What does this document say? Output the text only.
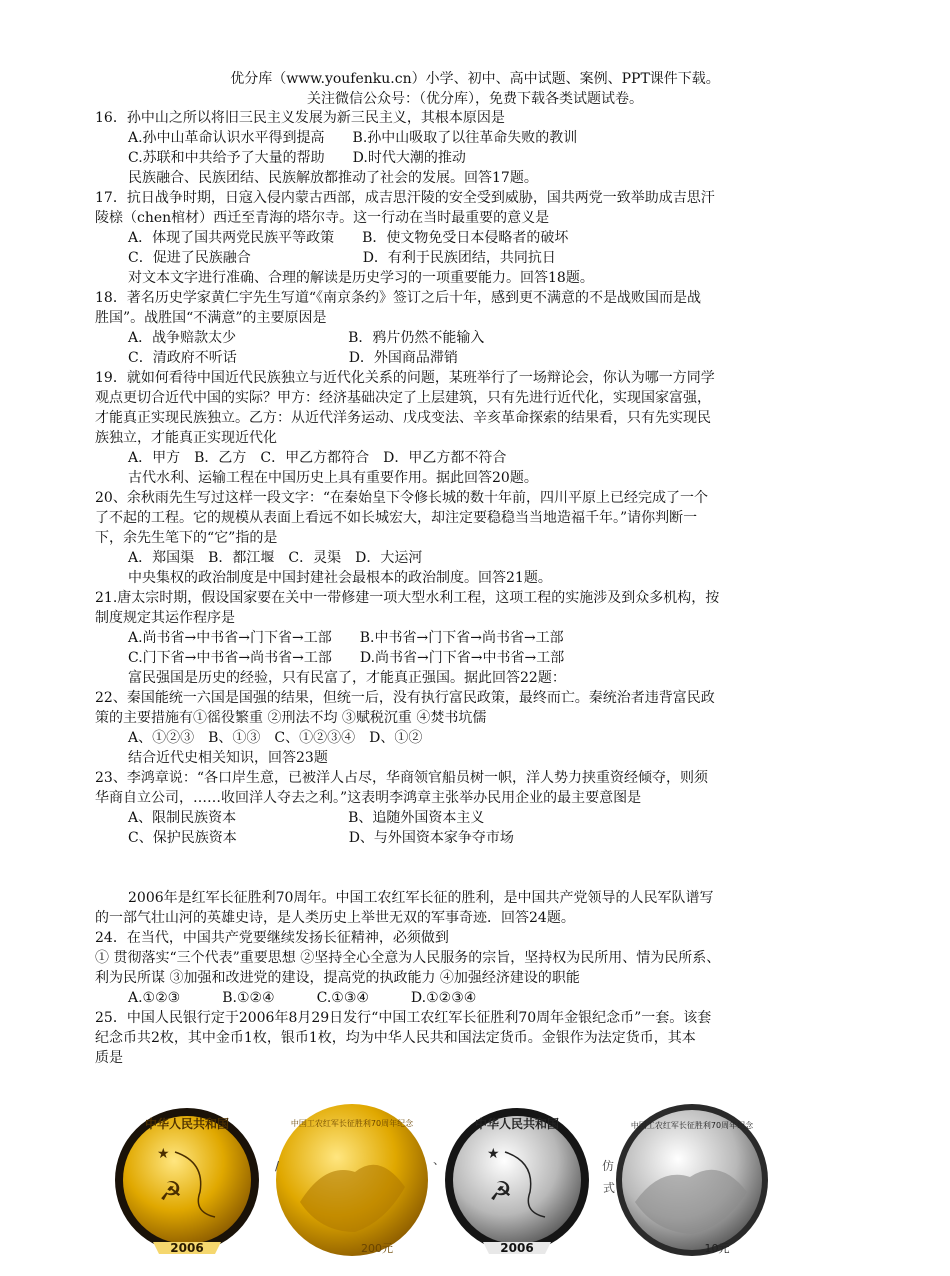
优分库（www.youfenku.cn）小学、初中、高中试题、案例、PPT课件下载。
关注微信公众号：（优分库），免费下载各类试题试卷。
16．孙中山之所以将旧三民主义发展为新三民主义，其根本原因是
A.孙中山革命认识水平得到提高　　B.孙中山吸取了以往革命失败的教训
C.苏联和中共给予了大量的帮助　　D.时代大潮的推动
民族融合、民族团结、民族解放都推动了社会的发展。回答17题。
17．抗日战争时期，日寇入侵内蒙古西部，成吉思汗陵的安全受到威胁，国共两党一致举助成吉思汗
陵榇（chen棺材）西迁至青海的塔尔寺。这一行动在当时最重要的意义是
A．体现了国共两党民族平等政策　　B．使文物免受日本侵略者的破坏
C．促进了民族融合　　　　　　　　D．有利于民族团结，共同抗日
对文本文字进行准确、合理的解读是历史学习的一项重要能力。回答18题。
18．著名历史学家黄仁宇先生写道“《南京条约》签订之后十年，感到更不满意的不是战败国而是战
胜国”。战胜国“不满意”的主要原因是
A．战争赔款太少　　　　　　　　B．鸦片仍然不能输入
C．清政府不听话　　　　　　　　D．外国商品滞销
19．就如何看待中国近代民族独立与近代化关系的问题，某班举行了一场辩论会，你认为哪一方同学
观点更切合近代中国的实际？甲方：经济基础决定了上层建筑，只有先进行近代化，实现国家富强，
才能真正实现民族独立。乙方：从近代洋务运动、戊戌变法、辛亥革命探索的结果看，只有先实现民
族独立，才能真正实现近代化
A．甲方　B．乙方　C．甲乙方都符合　D．甲乙方都不符合
古代水利、运输工程在中国历史上具有重要作用。据此回答20题。
20、余秋雨先生写过这样一段文字：“在秦始皇下令修长城的数十年前，四川平原上已经完成了一个
了不起的工程。它的规模从表面上看远不如长城宏大，却注定要稳稳当当地造福千年。”请你判断一
下，余先生笔下的“它”指的是
A．郑国渠　B．都江堰　C．灵渠　D．大运河
中央集权的政治制度是中国封建社会最根本的政治制度。回答21题。
21.唐太宗时期，假设国家要在关中一带修建一项大型水利工程，这项工程的实施涉及到众多机构，按
制度规定其运作程序是
A.尚书省→中书省→门下省→工部　　B.中书省→门下省→尚书省→工部
C.门下省→中书省→尚书省→工部　　D.尚书省→门下省→中书省→工部
富民强国是历史的经验，只有民富了，才能真正强国。据此回答22题：
22、秦国能统一六国是国强的结果，但统一后，没有执行富民政策，最终而亡。秦统治者违背富民政
策的主要措施有①徭役繁重 ②刑法不均 ③赋税沉重 ④焚书坑儒
A、①②③　B、①③　C、①②③④　D、①②
结合近代史相关知识，回答23题
23、李鸿章说：“各口岸生意，已被洋人占尽，华商领官船员树一帜，洋人势力挟重资经倾夺，则须
华商自立公司，……收回洋人夺去之利。”这表明李鸿章主张举办民用企业的最主要意图是
A、限制民族资本　　　　　　　　B、追随外国资本主义
C、保护民族资本　　　　　　　　D、与外国资本家争夺市场
2006年是红军长征胜利70周年。中国工农红军长征的胜利，是中国共产党领导的人民军队谱写
的一部气壮山河的英雄史诗，是人类历史上举世无双的军事奇迹．回答24题。
24．在当代，中国共产党要继续发扬长征精神，必须做到
① 贯彻落实“三个代表”重要思想 ②坚持全心全意为人民服务的宗旨，坚持权为民所用、情为民所系、
利为民所谋 ③加强和改进党的建设，提高党的执政能力 ④加强经济建设的职能
A.①②③　　　B.①②④　　　C.①③④　　　D.①②③④
25．中国人民银行定于2006年8月29日发行“中国工农红军长征胜利70周年金银纪念币”一套。该套
纪念币共2枚，其中金币1枚，银币1枚，均为中华人民共和国法定货币。金银作为法定货币，其本
质是
中华人民共和国
☭
★
2006
中国工农红军长征胜利70周年纪念
200元
/	、
中华人民共和国
☭
★
2006
仿
式
中国工农红军长征胜利70周年纪念
10元
